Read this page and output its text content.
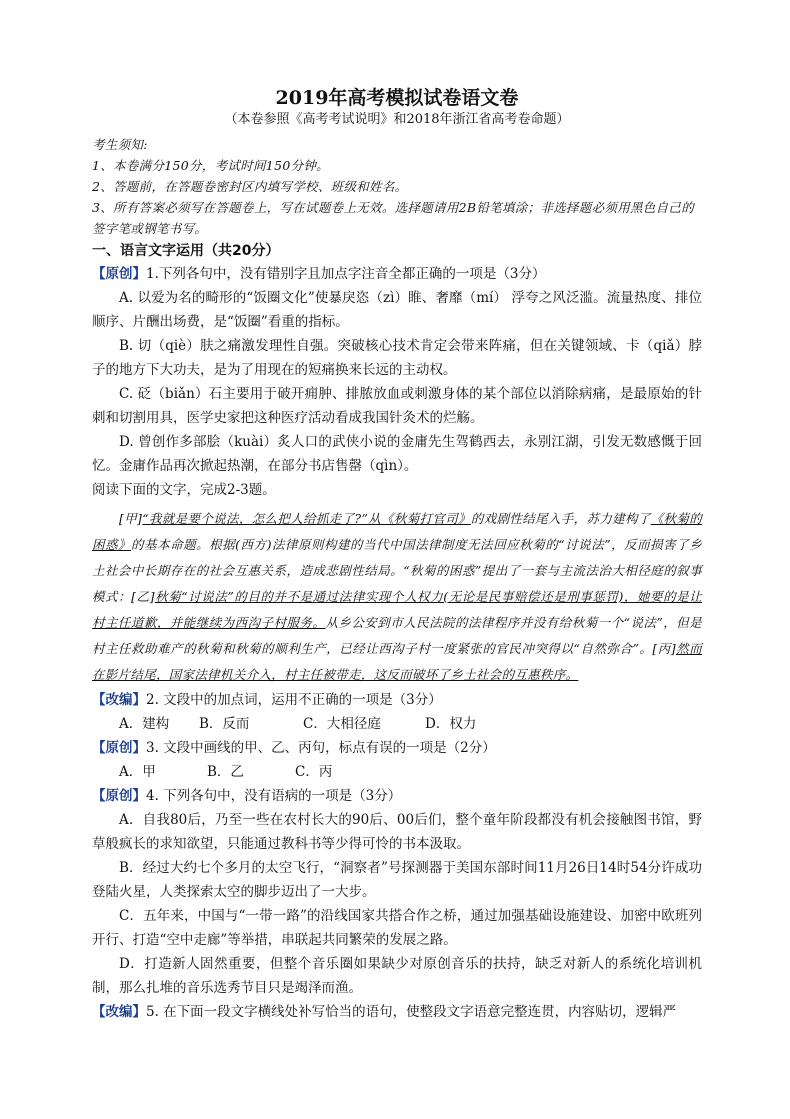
2019年高考模拟试卷语文卷

（本卷参照《高考考试说明》和2018年浙江省高考卷命题）

考生须知:

1、本卷满分150分，考试时间150分钟。

2、答题前，在答题卷密封区内填写学校、班级和姓名。

3、所有答案必须写在答题卷上，写在试题卷上无效。选择题请用2B铅笔填涂；非选择题必须用黑色自己的签字笔或钢笔书写。

一、语言文字运用（共20分）

【原创】1.下列各句中，没有错别字且加点字注音全都正确的一项是（3分）

A. 以爱为名的畸形的“饭圈文化”使暴戾恣（zì）睢、奢靡（mí） 浮夸之风泛滥。流量热度、排位顺序、片酬出场费，是“饭圈”看重的指标。

B. 切（qiè）肤之痛激发理性自强。突破核心技术肯定会带来阵痛，但在关键领域、卡（qiǎ）脖子的地方下大功夫，是为了用现在的短痛换来长远的主动权。

C. 砭（biǎn）石主要用于破开痈肿、排脓放血或刺激身体的某个部位以消除病痛，是最原始的针刺和切割用具，医学史家把这种医疗活动看成我国针灸术的烂觞。

D. 曾创作多部脍（kuài）炙人口的武侠小说的金庸先生驾鹤西去，永别江湖，引发无数感慨于回忆。金庸作品再次掀起热潮，在部分书店售罄（qìn）。

阅读下面的文字，完成2-3题。

[甲]“我就是要个说法，怎么把人给抓走了?”从《秋菊打官司》的戏剧性结尾入手，苏力建构了《秋菊的困惑》的基本命题。根据(西方)法律原则构建的当代中国法律制度无法回应秋菊的“讨说法”，反而损害了乡土社会中长期存在的社会互惠关系，造成悲剧性结局。“秋菊的困惑”提出了一套与主流法治大相径庭的叙事模式：[乙]秋菊“讨说法”的目的并不是通过法律实现个人权力(无论是民事赔偿还是刑事惩罚)，她要的是让村主任道歉，并能继续为西沟子村服务。从乡公安到市人民法院的法律程序并没有给秋菊一个“说法”，但是村主任救助难产的秋菊和秋菊的顺利生产，已经让西沟子村一度紧张的官民冲突得以“自然弥合”。[丙]然而在影片结尾，国家法律机关介入，村主任被带走，这反而破坏了乡土社会的互惠秩序。

【改编】2. 文段中的加点词，运用不正确的一项是（3分）

A．建构	B．反而	C．大相径庭	D．权力

【原创】3. 文段中画线的甲、乙、丙句，标点有误的一项是（2分）

A．甲	B．乙	C．丙

【原创】4. 下列各句中，没有语病的一项是（3分）

A．自我80后，乃至一些在农村长大的90后、00后们，整个童年阶段都没有机会接触图书馆，野草般疯长的求知欲望，只能通过教科书等少得可怜的书本汲取。

B．经过大约七个多月的太空飞行，“洞察者”号探测器于美国东部时间11月26日14时54分许成功登陆火星，人类探索太空的脚步迈出了一大步。

C．五年来，中国与“一带一路”的沿线国家共搭合作之桥，通过加强基础设施建设、加密中欧班列开行、打造“空中走廊”等举措，串联起共同繁荣的发展之路。

D．打造新人固然重要，但整个音乐圈如果缺少对原创音乐的扶持，缺乏对新人的系统化培训机制，那么扎堆的音乐选秀节目只是竭泽而渔。

【改编】5. 在下面一段文字横线处补写恰当的语句，使整段文字语意完整连贯，内容贴切，逻辑严
